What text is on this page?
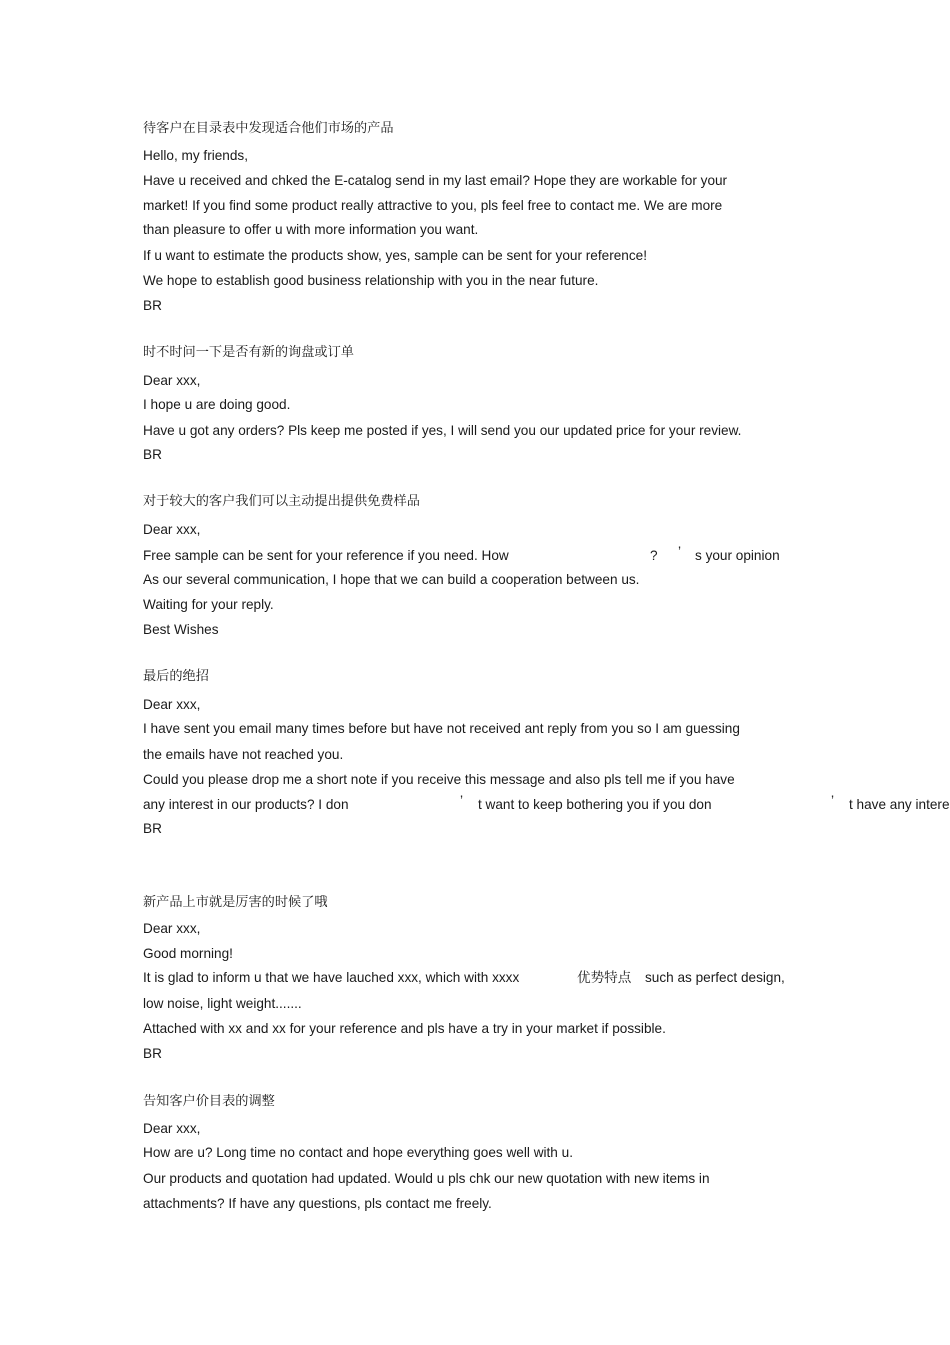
待客户在目录表中发现适合他们市场的产品
Hello, my friends,
Have u received and chked the E-catalog send in my last email? Hope they are workable for your
market! If you find some product really attractive to you, pls feel free to contact me. We are more
than pleasure to offer u with more information you want.
If u want to estimate the products show, yes, sample can be sent for your reference!
We hope to establish good business relationship with you in the near future.
BR
时不时问一下是否有新的询盘或订单
Dear xxx,
I hope u are doing good.
Have u got any orders? Pls keep me posted if yes, I will send you our updated price for your review.
BR
对于较大的客户我们可以主动提出提供免费样品
Dear xxx,
Free sample can be sent for your reference if you need. How	? ’ s your opinion
As our several communication, I hope that we can build a cooperation between us.
Waiting for your reply.
Best Wishes
最后的绝招
Dear xxx,
I have sent you email many times before but have not received ant reply from you so I am guessing
the emails have not reached you.
Could you please drop me a short note if you receive this message and also pls tell me if you have
any interest in our products? I don	’ t want to keep bothering you if you don	’ t have any intere
BR
新产品上市就是厉害的时候了哦
Dear xxx,
Good morning!
It is glad to inform u that we have lauched xxx, which with xxxx	优势特点 such as perfect design,
low noise, light weight.......
Attached with xx and xx for your reference and pls have a try in your market if possible.
BR
告知客户价目表的调整
Dear xxx,
How are u? Long time no contact and hope everything goes well with u.
Our products and quotation had updated. Would u pls chk our new quotation with new items in
attachments? If have any questions, pls contact me freely.
